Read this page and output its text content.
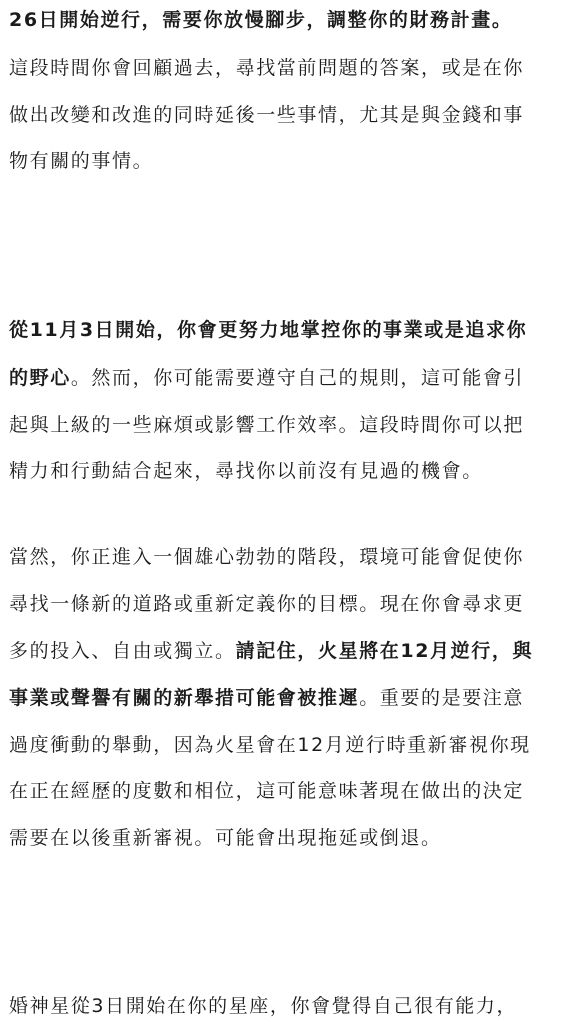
26日開始逆行，需要你放慢腳步，調整你的財務計畫。

這段時間你會回顧過去，尋找當前問題的答案，或是在你

做出改變和改進的同時延後一些事情，尤其是與金錢和事

物有關的事情。

從11月3日開始，你會更努力地掌控你的事業或是追求你

的野心。然而，你可能需要遵守自己的規則，這可能會引

起與上級的一些麻煩或影響工作效率。這段時間你可以把

精力和行動結合起來，尋找你以前沒有見過的機會。

當然，你正進入一個雄心勃勃的階段，環境可能會促使你

尋找一條新的道路或重新定義你的目標。現在你會尋求更

多的投入、自由或獨立。請記住，火星將在12月逆行，與

事業或聲譽有關的新舉措可能會被推遲。重要的是要注意

過度衝動的舉動，因為火星會在12月逆行時重新審視你現

在正在經歷的度數和相位，這可能意味著現在做出的決定

需要在以後重新審視。可能會出現拖延或倒退。

婚神星從3日開始在你的星座，你會覺得自己很有能力，
